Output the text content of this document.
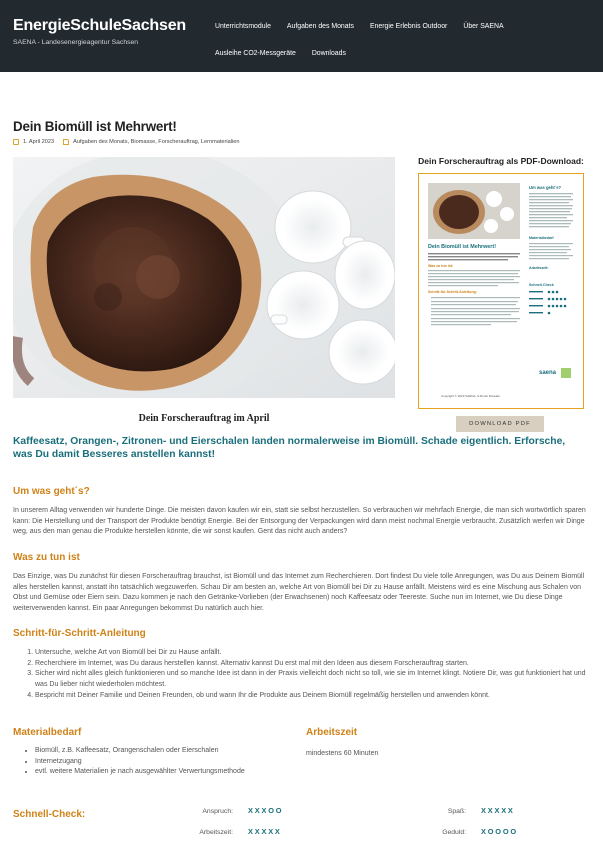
EnergieSchuleSachsen
SAENA - Landesenergieagentur Sachsen
Unterrichtsmodule Aufgaben des Monats Energie Erlebnis Outdoor Über SAENA Ausleihe CO2-Messgeräte Downloads
Dein Biomüll ist Mehrwert!
1. April 2023	Aufgaben des Monats, Biomasse, Forscherauftrag, Lernmaterialien
Dein Forscherauftrag im April
Dein Forscherauftrag als PDF-Download:
Um was geht´s?
Dein Biomüll ist Mehrwert!
Was zu tun ist:
Schritt-für-Schritt-Anleitung:
Materialbedarf
Arbeitszeit:
Schnell-Check
saena
Copyright © 2023 SAENA, S-Druck Dresden
DOWNLOAD PDF
Kaffeesatz, Orangen-, Zitronen- und Eierschalen landen normalerweise im Biomüll. Schade eigentlich. Erforsche, was Du damit Besseres anstellen kannst!
Um was geht´s?

In unserem Alltag verwenden wir hunderte Dinge. Die meisten davon kaufen wir ein, statt sie selbst herzustellen. So verbrauchen wir mehrfach Energie, die man sich wortwörtlich sparen kann: Die Herstellung und der Transport der Produkte benötigt Energie. Bei der Entsorgung der Verpackungen wird dann meist nochmal Energie verbraucht. Zusätzlich werfen wir Dinge weg, aus den man genau die Produkte herstellen könnte, die wir sonst kaufen. Gent das nicht auch anders?

Was zu tun ist

Das Einzige, was Du zunächst für diesen Forscherauftrag brauchst, ist Biomüll und das Internet zum Recherchieren. Dort findest Du viele tolle Anregungen, was Du aus Deinem Biomüll alles herstellen kannst, anstatt ihn tatsächlich wegzuwerfen. Schau Dir am besten an, welche Art von Biomüll bei Dir zu Hause anfällt. Meistens wird es eine Mischung aus Schalen von Obst und Gemüse oder Eiern sein. Dazu kommen je nach den Getränke-Vorlieben (der Erwachsenen) noch Kaffeesatz oder Teereste. Suche nun im Internet, wie Du diese Dinge weiterverwenden kannst. Ein paar Anregungen bekommst Du natürlich auch hier.

Schritt-für-Schritt-Anleitung
1. Untersuche, welche Art von Biomüll bei Dir zu Hause anfällt.
2. Recherchiere im Internet, was Du daraus herstellen kannst. Alternativ kannst Du erst mal mit den Ideen aus diesem Forscherauftrag starten.
3. Sicher wird nicht alles gleich funktionieren und so manche Idee ist dann in der Praxis vielleicht doch nicht so toll, wie sie im Internet klingt. Notiere Dir, was gut funktioniert hat und was Du lieber nicht wiederholen möchtest.
4. Bespricht mit Deiner Familie und Deinen Freunden, ob und wann Ihr die Produkte aus Deinem Biomüll regelmäßig herstellen und anwenden könnt.
Materialbedarf
• Biomüll, z.B. Kaffeesatz, Orangenschalen oder Eierschalen
• Internetzugang
• evtl. weitere Materialien je nach ausgewählter Verwertungsmethode
Arbeitszeit
mindestens 60 Minuten
Schnell-Check:	Anspruch: XXXOO
Arbeitszeit: XXXXX
Spaß: XXXXX
Geduld: XOOOO
